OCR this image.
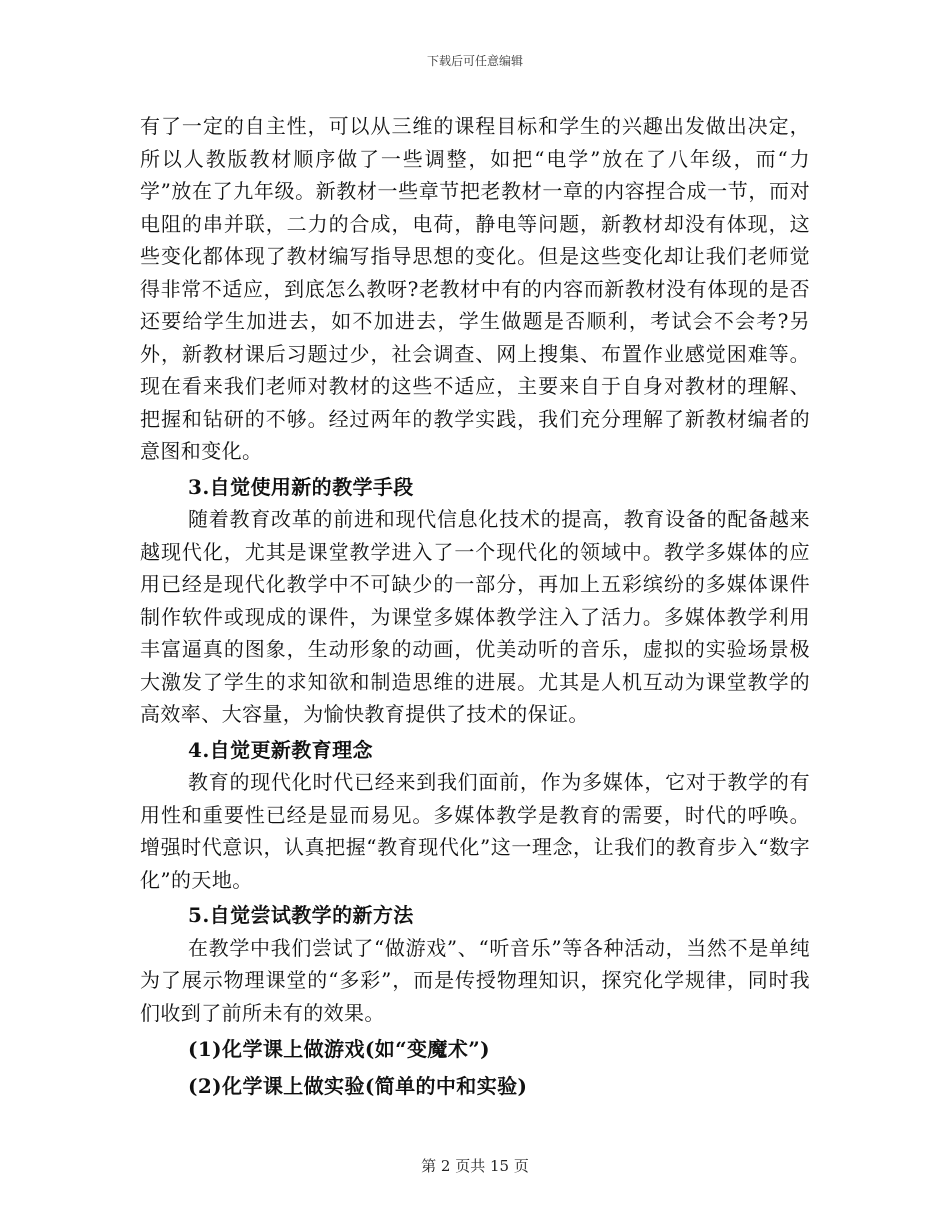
下载后可任意编辑

有了一定的自主性，可以从三维的课程目标和学生的兴趣出发做出决定，所以人教版教材顺序做了一些调整，如把“电学”放在了八年级，而“力学”放在了九年级。新教材一些章节把老教材一章的内容捏合成一节，而对电阻的串并联，二力的合成，电荷，静电等问题，新教材却没有体现，这些变化都体现了教材编写指导思想的变化。但是这些变化却让我们老师觉得非常不适应，到底怎么教呀?老教材中有的内容而新教材没有体现的是否还要给学生加进去，如不加进去，学生做题是否顺利，考试会不会考?另外，新教材课后习题过少，社会调查、网上搜集、布置作业感觉困难等。现在看来我们老师对教材的这些不适应，主要来自于自身对教材的理解、把握和钻研的不够。经过两年的教学实践，我们充分理解了新教材编者的意图和变化。

3.自觉使用新的教学手段

随着教育改革的前进和现代信息化技术的提高，教育设备的配备越来越现代化，尤其是课堂教学进入了一个现代化的领域中。教学多媒体的应用已经是现代化教学中不可缺少的一部分，再加上五彩缤纷的多媒体课件制作软件或现成的课件，为课堂多媒体教学注入了活力。多媒体教学利用丰富逼真的图象，生动形象的动画，优美动听的音乐，虚拟的实验场景极大激发了学生的求知欲和制造思维的进展。尤其是人机互动为课堂教学的高效率、大容量，为愉快教育提供了技术的保证。

4.自觉更新教育理念

教育的现代化时代已经来到我们面前，作为多媒体，它对于教学的有用性和重要性已经是显而易见。多媒体教学是教育的需要，时代的呼唤。增强时代意识，认真把握“教育现代化”这一理念，让我们的教育步入“数字化”的天地。

5.自觉尝试教学的新方法

在教学中我们尝试了“做游戏”、“听音乐”等各种活动，当然不是单纯为了展示物理课堂的“多彩”，而是传授物理知识，探究化学规律，同时我们收到了前所未有的效果。

(1)化学课上做游戏(如“变魔术”)
(2)化学课上做实验(简单的中和实验)
第 2 页共 15 页
